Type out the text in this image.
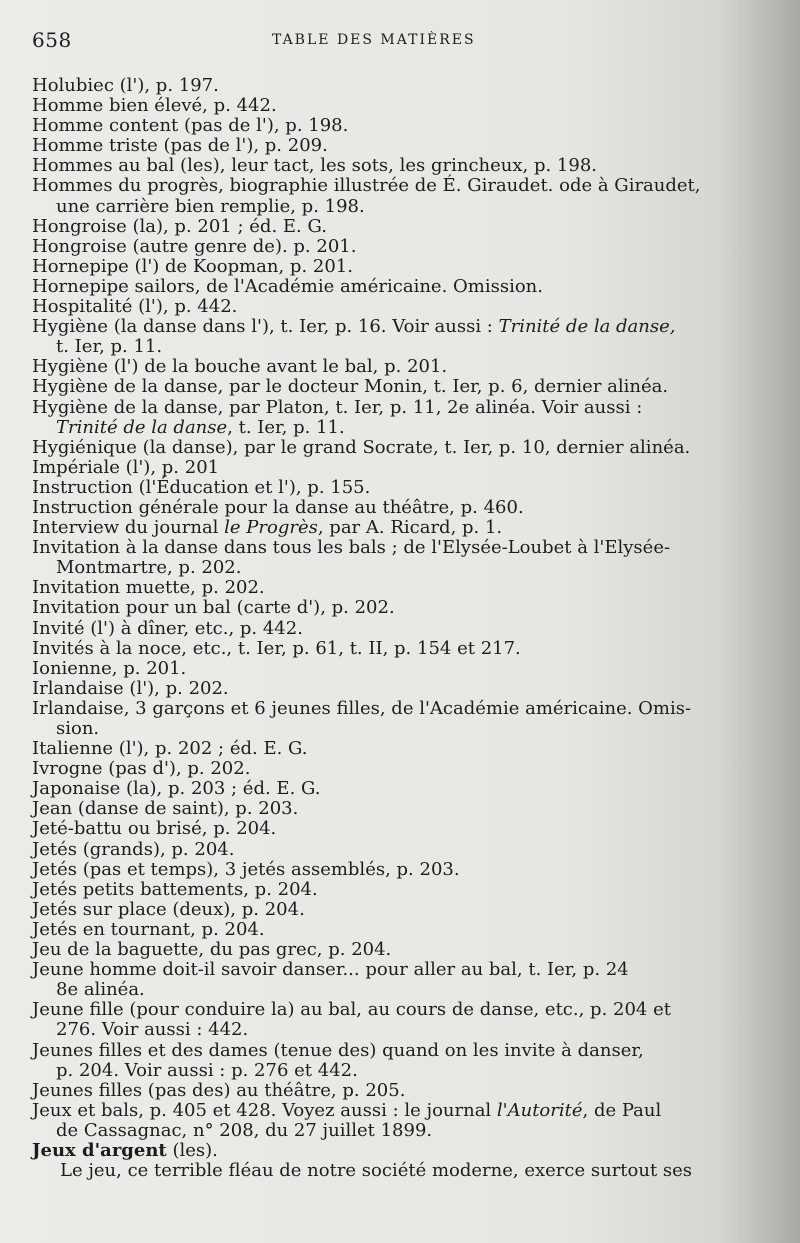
658	TABLE DES MATIÈRES

Holubiec (l'), p. 197.

Homme bien élevé, p. 442.

Homme content (pas de l'), p. 198.

Homme triste (pas de l'), p. 209.

Hommes au bal (les), leur tact, les sots, les grincheux, p. 198.

Hommes du progrès, biographie illustrée de É. Giraudet. ode à Giraudet,

une carrière bien remplie, p. 198.

Hongroise (la), p. 201 ; éd. E. G.

Hongroise (autre genre de). p. 201.

Hornepipe (l') de Koopman, p. 201.

Hornepipe sailors, de l'Académie américaine. Omission.

Hospitalité (l'), p. 442.

Hygiène (la danse dans l'), t. Ier, p. 16. Voir aussi : Trinité de la danse,

t. Ier, p. 11.

Hygiène (l') de la bouche avant le bal, p. 201.

Hygiène de la danse, par le docteur Monin, t. Ier, p. 6, dernier alinéa.

Hygiène de la danse, par Platon, t. Ier, p. 11, 2e alinéa. Voir aussi :

Trinité de la danse, t. Ier, p. 11.

Hygiénique (la danse), par le grand Socrate, t. Ier, p. 10, dernier alinéa.

Impériale (l'), p. 201

Instruction (l'Éducation et l'), p. 155.

Instruction générale pour la danse au théâtre, p. 460.

Interview du journal le Progrès, par A. Ricard, p. 1.

Invitation à la danse dans tous les bals ; de l'Elysée-Loubet à l'Elysée-

Montmartre, p. 202.

Invitation muette, p. 202.

Invitation pour un bal (carte d'), p. 202.

Invité (l') à dîner, etc., p. 442.

Invités à la noce, etc., t. Ier, p. 61, t. II, p. 154 et 217.

Ionienne, p. 201.

Irlandaise (l'), p. 202.

Irlandaise, 3 garçons et 6 jeunes filles, de l'Académie américaine. Omis-

sion.

Italienne (l'), p. 202 ; éd. E. G.

Ivrogne (pas d'), p. 202.

Japonaise (la), p. 203 ; éd. E. G.

Jean (danse de saint), p. 203.

Jeté-battu ou brisé, p. 204.

Jetés (grands), p. 204.

Jetés (pas et temps), 3 jetés assemblés, p. 203.

Jetés petits battements, p. 204.

Jetés sur place (deux), p. 204.

Jetés en tournant, p. 204.

Jeu de la baguette, du pas grec, p. 204.

Jeune homme doit-il savoir danser... pour aller au bal, t. Ier, p. 24

8e alinéa.

Jeune fille (pour conduire la) au bal, au cours de danse, etc., p. 204 et

276. Voir aussi : 442.

Jeunes filles et des dames (tenue des) quand on les invite à danser,

p. 204. Voir aussi : p. 276 et 442.

Jeunes filles (pas des) au théâtre, p. 205.

Jeux et bals, p. 405 et 428. Voyez aussi : le journal l'Autorité, de Paul

de Cassagnac, n° 208, du 27 juillet 1899.

Jeux d'argent (les).

Le jeu, ce terrible fléau de notre société moderne, exerce surtout ses
